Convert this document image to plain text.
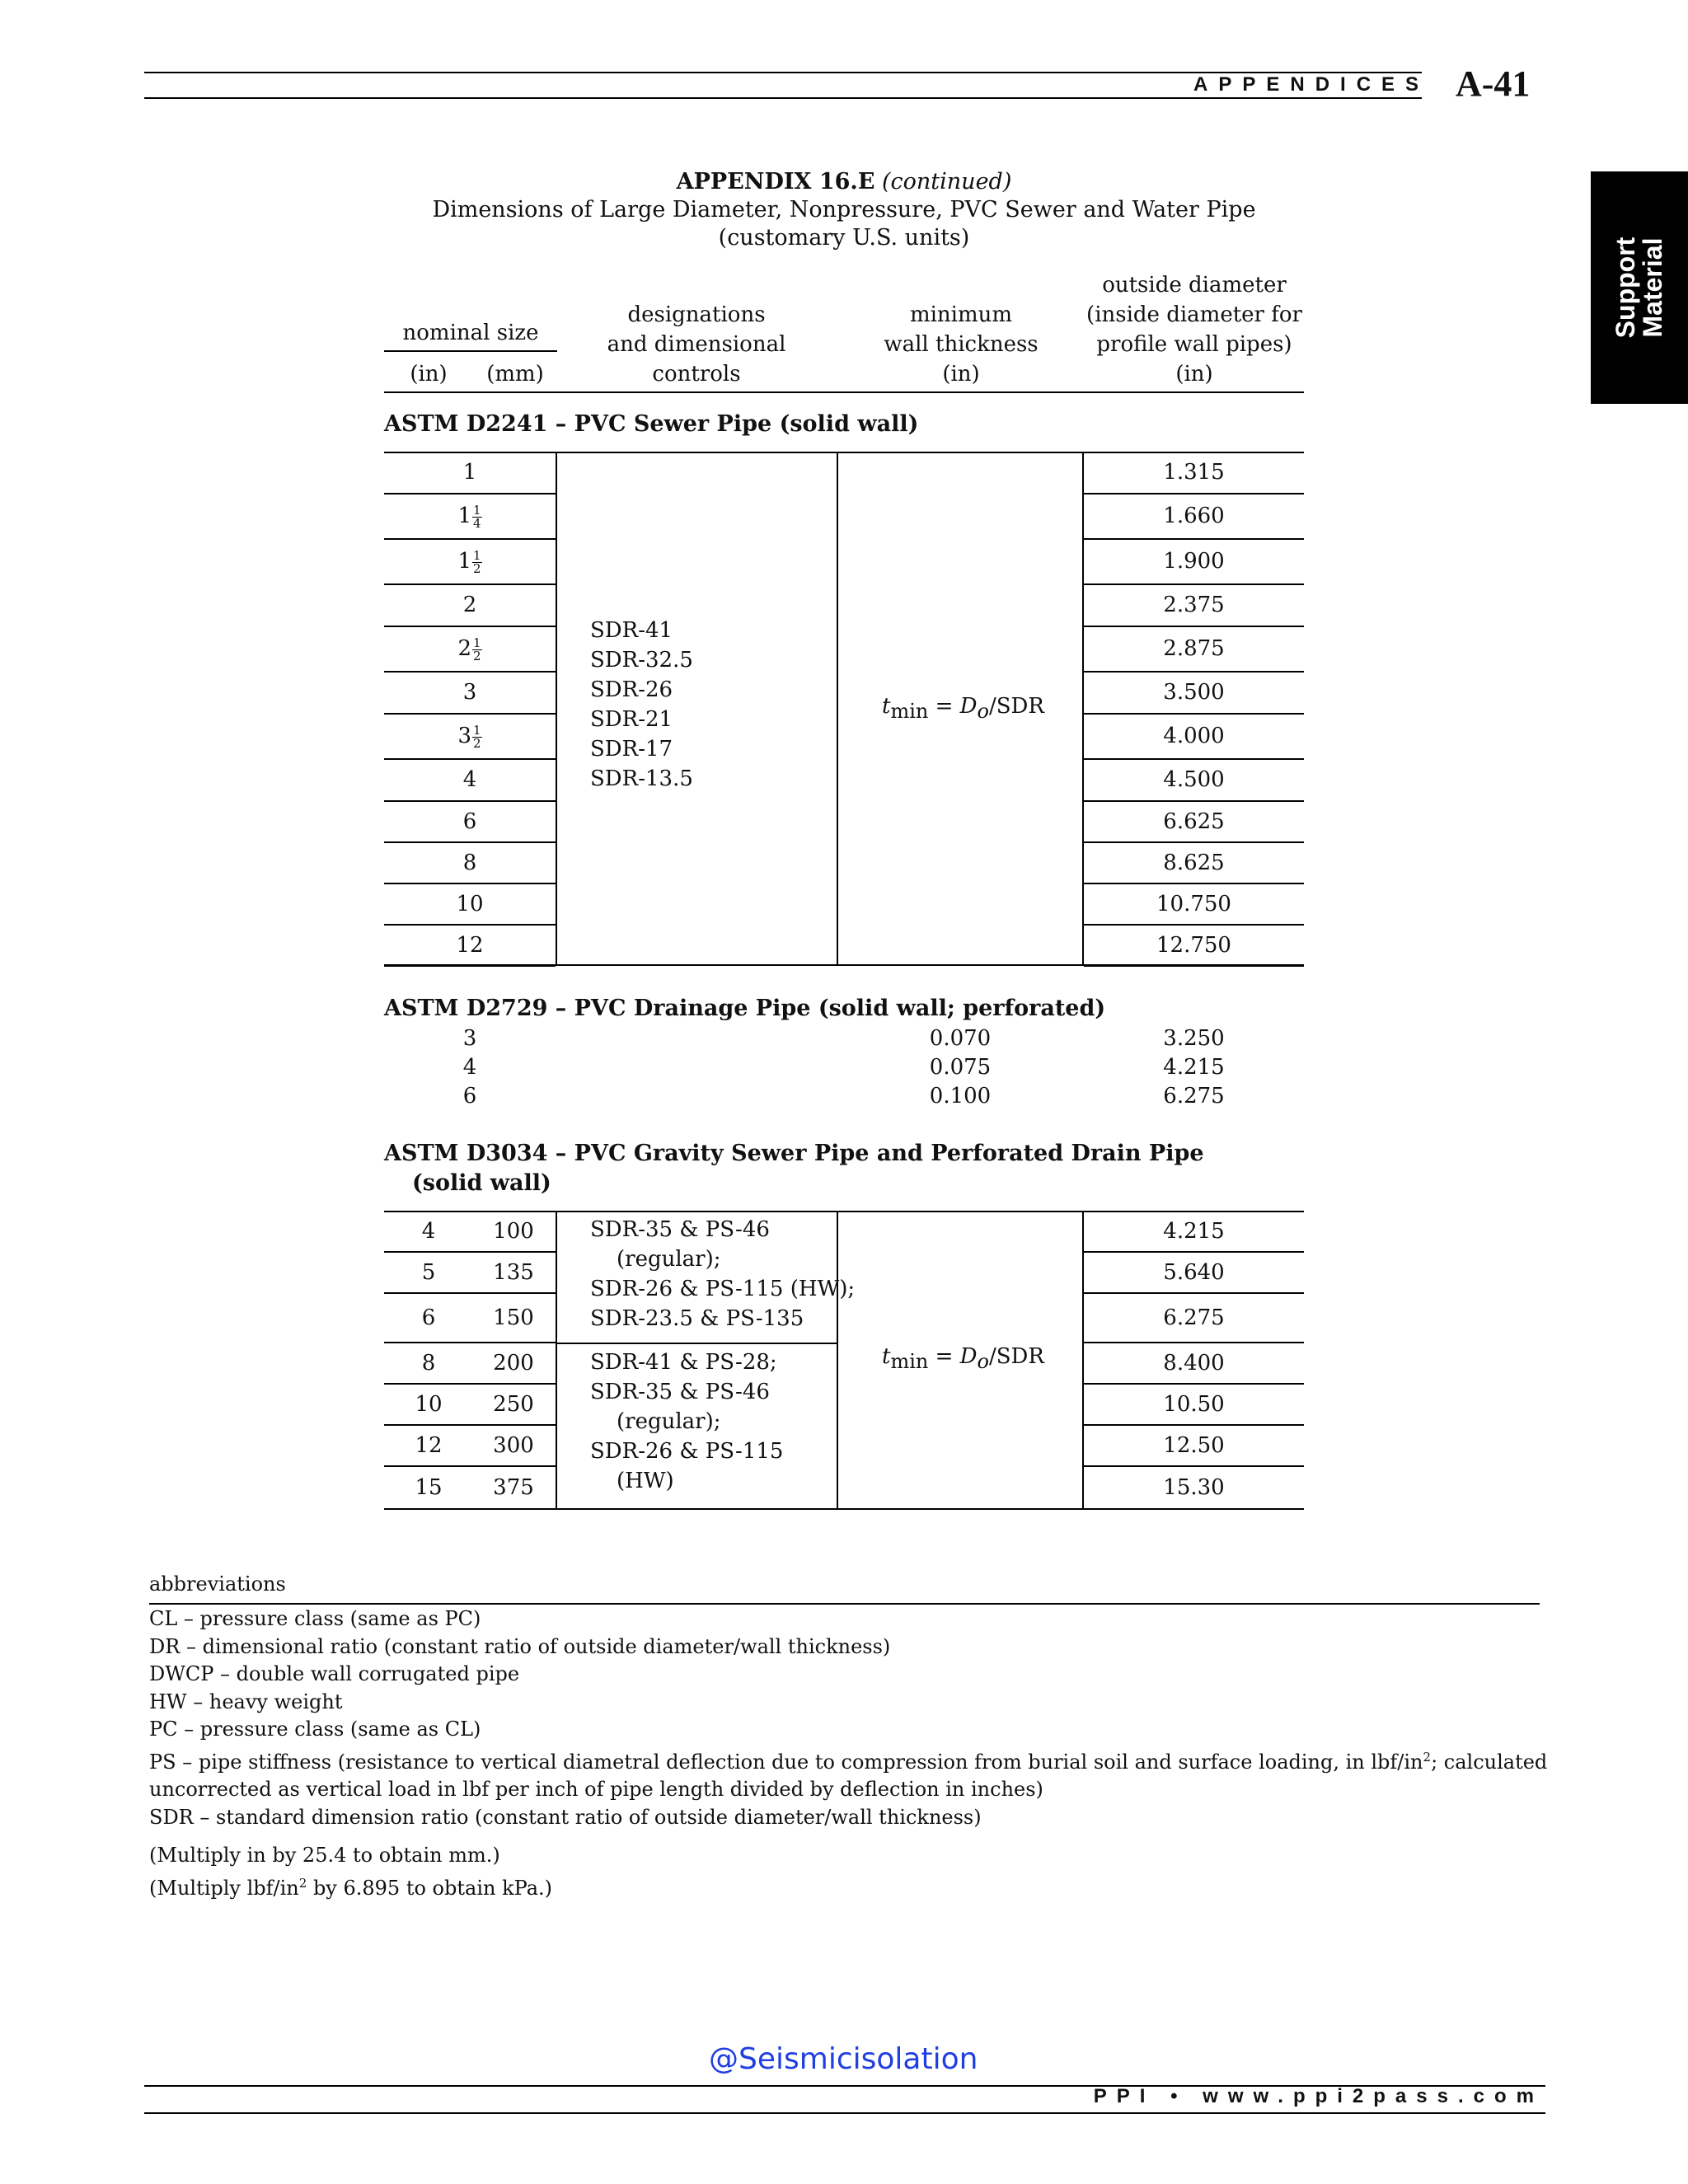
APPENDICES A-41
Support
Material
APPENDIX 16.E (continued)
Dimensions of Large Diameter, Nonpressure, PVC Sewer and Water Pipe
(customary U.S. units)
nominal size
(in)	(mm)
designations
and dimensional
controls
minimum
wall thickness
(in)
outside diameter
(inside diameter for
profile wall pipes)
(in)
ASTM D2241 – PVC Sewer Pipe (solid wall)
1	1.315
$1 \frac{1}{4}$	1.660
$1 \frac{1}{2}$	1.900
2	2.375
$2 \frac{1}{2}$	2.875
3	3.500
$3 \frac{1}{2}$	4.000
4	4.500
6	6.625
8	8.625
10	10.750
12	12.750
SDR-41
SDR-32.5
SDR-26
SDR-21
SDR-17
SDR-13.5
$t_{min} = D_o/SDR$
ASTM D2729 – PVC Drainage Pipe (solid wall; perforated)
3	0.070	3.250
4	0.075	4.215
6	0.100	6.275
ASTM D3034 – PVC Gravity Sewer Pipe and Perforated Drain Pipe
(solid wall)
4	100	4.215
5	135	5.640
6	150	6.275
8	200	8.400
10	250	10.50
12	300	12.50
15	375	15.30
SDR-35 & PS-46
(regular);
SDR-26 & PS-115 (HW);
SDR-23.5 & PS-135
SDR-41 & PS-28;
SDR-35 & PS-46
(regular);
SDR-26 & PS-115
(HW)
$t_{min} = D_o/SDR$
abbreviations
CL – pressure class (same as PC)
DR – dimensional ratio (constant ratio of outside diameter/wall thickness)
DWCP – double wall corrugated pipe
HW – heavy weight
PC – pressure class (same as CL)
PS – pipe stiffness (resistance to vertical diametral deflection due to compression from burial soil and surface loading, in lbf/$in^2$; calculated
uncorrected as vertical load in lbf per inch of pipe length divided by deflection in inches)
SDR – standard dimension ratio (constant ratio of outside diameter/wall thickness)
(Multiply in by 25.4 to obtain mm.)
(Multiply lbf/$in^2$ by 6.895 to obtain kPa.)
@Seismicisolation
PPI • www.ppi2pass.com
